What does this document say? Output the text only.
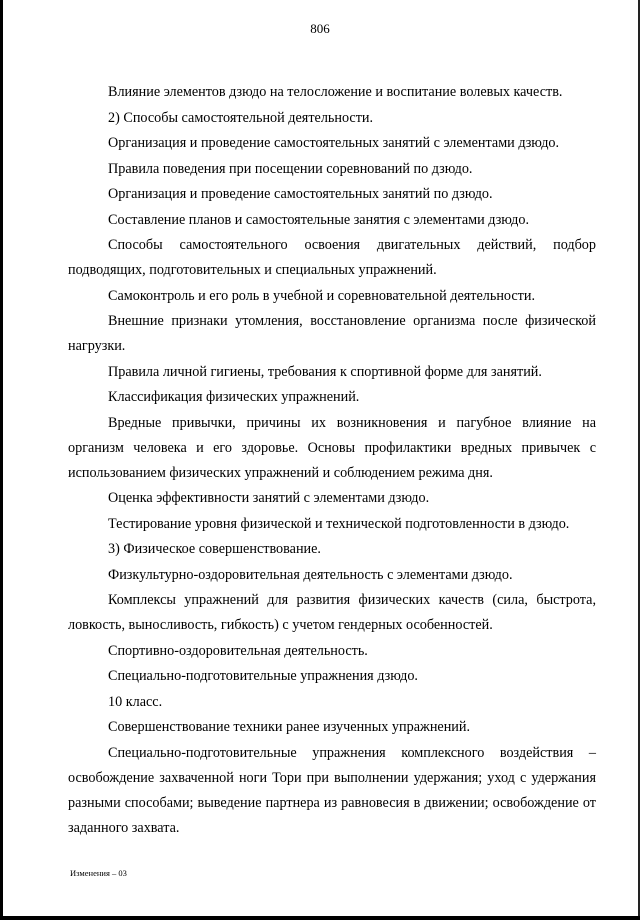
806

Влияние элементов дзюдо на телосложение и воспитание волевых качеств.

2) Способы самостоятельной деятельности.

Организация и проведение самостоятельных занятий с элементами дзюдо.

Правила поведения при посещении соревнований по дзюдо.

Организация и проведение самостоятельных занятий по дзюдо.

Составление планов и самостоятельные занятия с элементами дзюдо.

Способы самостоятельного освоения двигательных действий, подбор подводящих, подготовительных и специальных упражнений.

Самоконтроль и его роль в учебной и соревновательной деятельности.

Внешние признаки утомления, восстановление организма после физической нагрузки.

Правила личной гигиены, требования к спортивной форме для занятий.

Классификация физических упражнений.

Вредные привычки, причины их возникновения и пагубное влияние на организм человека и его здоровье. Основы профилактики вредных привычек с использованием физических упражнений и соблюдением режима дня.

Оценка эффективности занятий с элементами дзюдо.

Тестирование уровня физической и технической подготовленности в дзюдо.

3) Физическое совершенствование.

Физкультурно-оздоровительная деятельность с элементами дзюдо.

Комплексы упражнений для развития физических качеств (сила, быстрота, ловкость, выносливость, гибкость) с учетом гендерных особенностей.

Спортивно-оздоровительная деятельность.

Специально-подготовительные упражнения дзюдо.

10 класс.

Совершенствование техники ранее изученных упражнений.

Специально-подготовительные упражнения комплексного воздействия – освобождение захваченной ноги Тори при выполнении удержания; уход с удержания разными способами; выведение партнера из равновесия в движении; освобождение от заданного захвата.

Изменения – 03
